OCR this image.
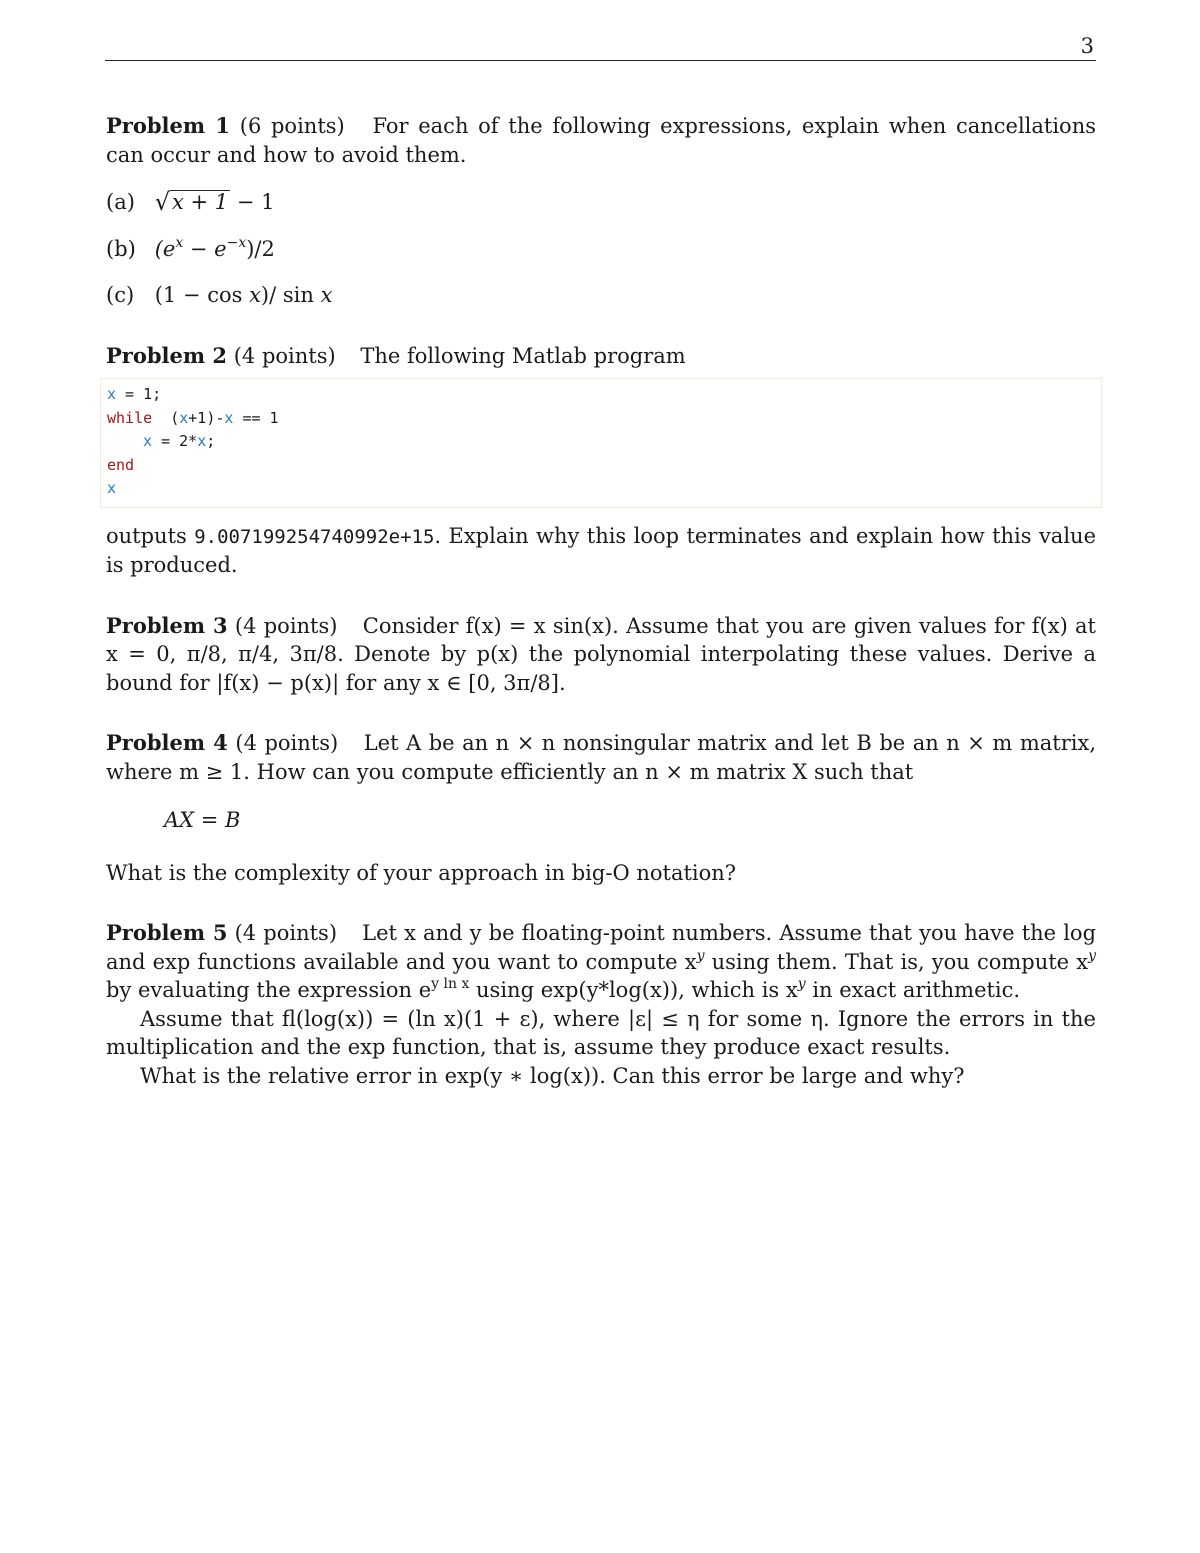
3
Problem 1 (6 points) For each of the following expressions, explain when cancellations can occur and how to avoid them.
(a) √x + 1 − 1
(b) $(e^x - e^{-x})/2$
(c) (1 − cos x)/ sin x
Problem 2 (4 points) The following Matlab program
x = 1;
while  (x+1)-x == 1
x = 2*x;
end
x
outputs 9.007199254740992e+15. Explain why this loop terminates and explain how this value is produced.
Problem 3 (4 points) Consider f(x) = x sin(x). Assume that you are given values for f(x) at x = 0, π/8, π/4, 3π/8. Denote by p(x) the polynomial interpolating these values. Derive a bound for |f(x) − p(x)| for any x ∈ [0, 3π/8].
Problem 4 (4 points) Let A be an n × n nonsingular matrix and let B be an n × m matrix, where m ≥ 1. How can you compute efficiently an n × m matrix X such that
AX = B
What is the complexity of your approach in big-O notation?
Problem 5 (4 points) Let x and y be floating-point numbers. Assume that you have the log and exp functions available and you want to compute $x^y$ using them. That is, you compute $x^y$ by evaluating the expression $e^{y ln x}$ using exp(y*log(x)), which is $x^y$ in exact arithmetic.
Assume that fl(log(x)) = (ln x)(1 + ε), where |ε| ≤ η for some η. Ignore the errors in the multiplication and the exp function, that is, assume they produce exact results.
What is the relative error in exp(y ∗ log(x)). Can this error be large and why?
